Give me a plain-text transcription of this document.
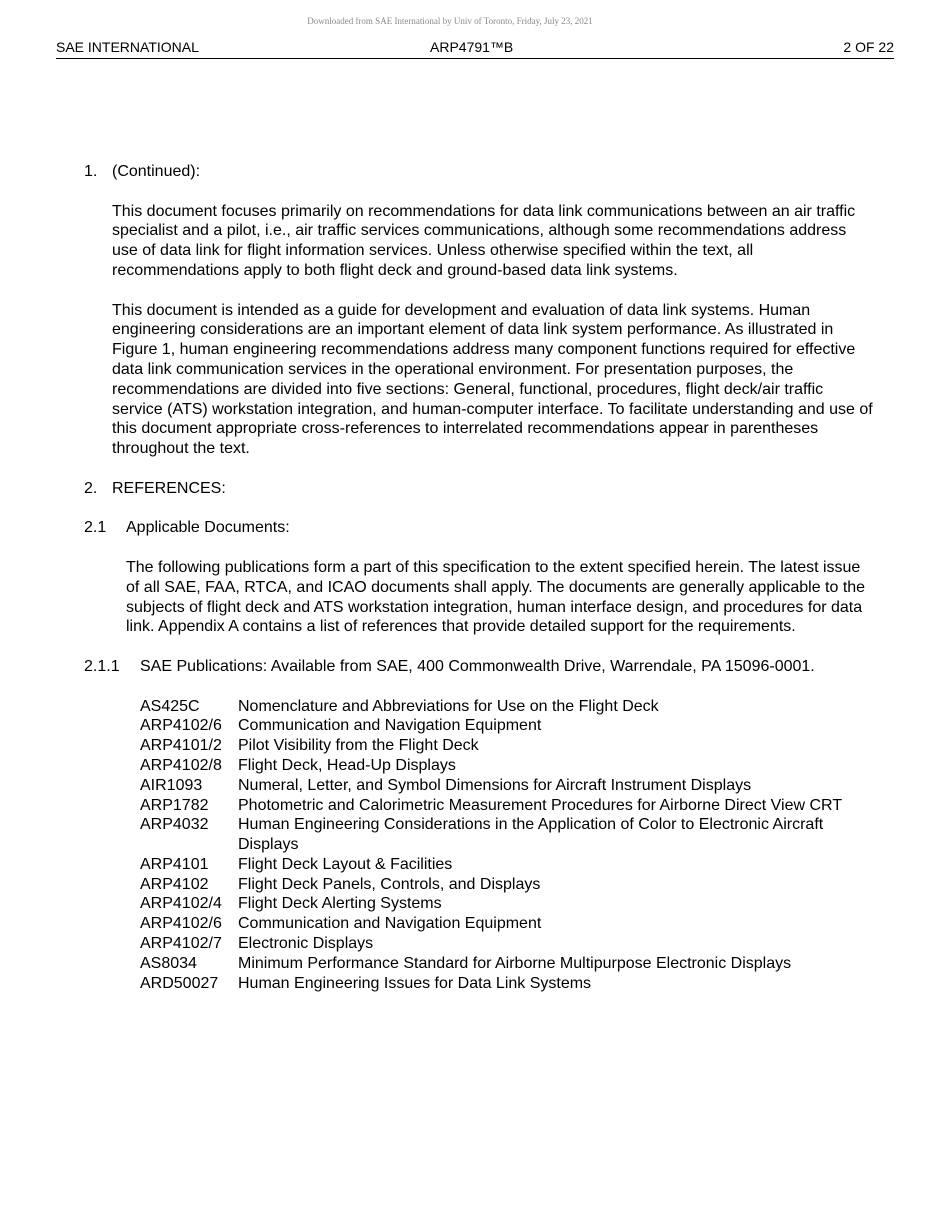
Downloaded from SAE International by Univ of Toronto, Friday, July 23, 2021
SAE INTERNATIONAL	ARP4791™B	2 OF 22
1. (Continued):

This document focuses primarily on recommendations for data link communications between an air traffic specialist and a pilot, i.e., air traffic services communications, although some recommendations address use of data link for flight information services. Unless otherwise specified within the text, all recommendations apply to both flight deck and ground-based data link systems.

This document is intended as a guide for development and evaluation of data link systems. Human engineering considerations are an important element of data link system performance. As illustrated in Figure 1, human engineering recommendations address many component functions required for effective data link communication services in the operational environment. For presentation purposes, the recommendations are divided into five sections: General, functional, procedures, flight deck/air traffic service (ATS) workstation integration, and human-computer interface. To facilitate understanding and use of this document appropriate cross-references to interrelated recommendations appear in parentheses throughout the text.

2. REFERENCES:
2.1	Applicable Documents:

The following publications form a part of this specification to the extent specified herein. The latest issue of all SAE, FAA, RTCA, and ICAO documents shall apply. The documents are generally applicable to the subjects of flight deck and ATS workstation integration, human interface design, and procedures for data link. Appendix A contains a list of references that provide detailed support for the requirements.

2.1.1	SAE Publications: Available from SAE, 400 Commonwealth Drive, Warrendale, PA 15096-0001.
AS425C	Nomenclature and Abbreviations for Use on the Flight Deck
ARP4102/6	Communication and Navigation Equipment
ARP4101/2	Pilot Visibility from the Flight Deck
ARP4102/8	Flight Deck, Head-Up Displays
AIR1093	Numeral, Letter, and Symbol Dimensions for Aircraft Instrument Displays
ARP1782	Photometric and Calorimetric Measurement Procedures for Airborne Direct View CRT
ARP4032	Human Engineering Considerations in the Application of Color to Electronic Aircraft Displays
ARP4101	Flight Deck Layout & Facilities
ARP4102	Flight Deck Panels, Controls, and Displays
ARP4102/4	Flight Deck Alerting Systems
ARP4102/6	Communication and Navigation Equipment
ARP4102/7	Electronic Displays
AS8034	Minimum Performance Standard for Airborne Multipurpose Electronic Displays
ARD50027	Human Engineering Issues for Data Link Systems
